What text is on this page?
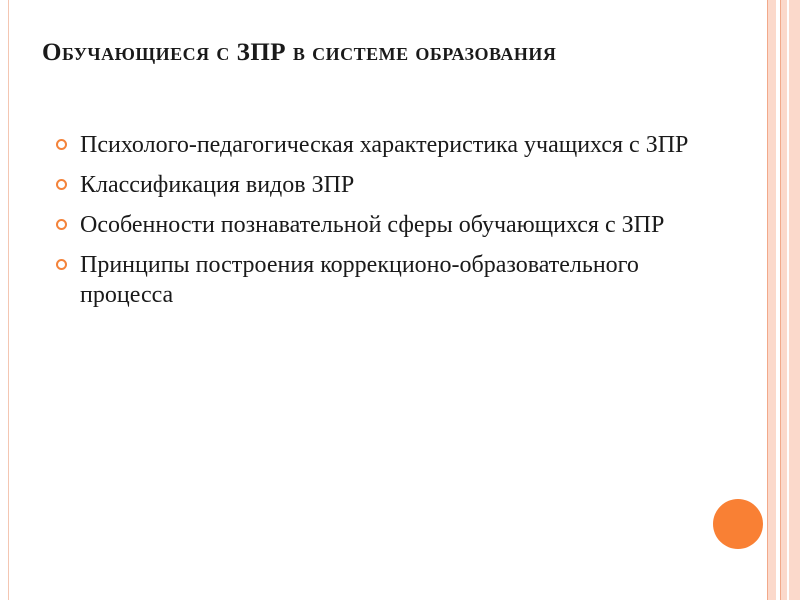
Обучающиеся с ЗПР в системе образования
Психолого-педагогическая характеристика учащихся с ЗПР
Классификация видов ЗПР
Особенности познавательной сферы обучающихся с ЗПР
Принципы построения коррекционо-образовательного процесса
